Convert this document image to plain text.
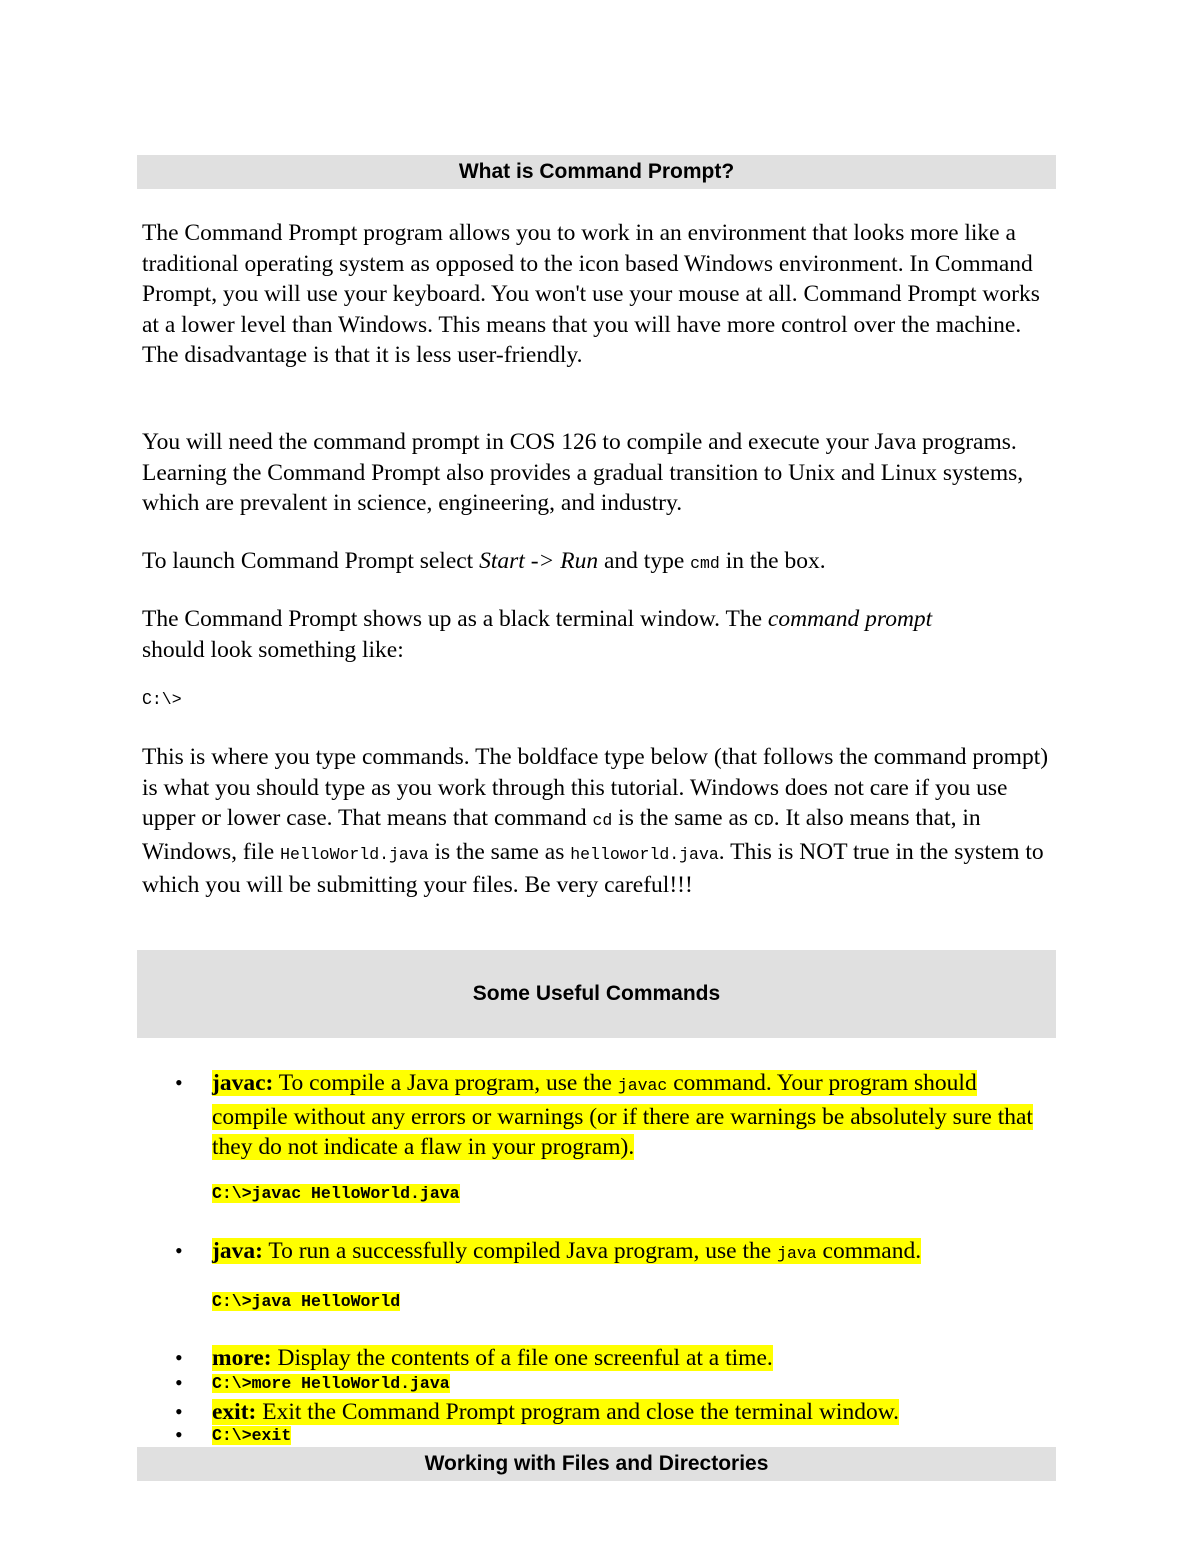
What is Command Prompt?

The Command Prompt program allows you to work in an environment that looks more like a traditional operating system as opposed to the icon based Windows environment. In Command Prompt, you will use your keyboard. You won't use your mouse at all. Command Prompt works at a lower level than Windows. This means that you will have more control over the machine. The disadvantage is that it is less user-friendly.

You will need the command prompt in COS 126 to compile and execute your Java programs. Learning the Command Prompt also provides a gradual transition to Unix and Linux systems, which are prevalent in science, engineering, and industry.

To launch Command Prompt select Start -> Run and type cmd in the box.

The Command Prompt shows up as a black terminal window. The command prompt should look something like:

C:\>

This is where you type commands. The boldface type below (that follows the command prompt) is what you should type as you work through this tutorial. Windows does not care if you use upper or lower case. That means that command cd is the same as CD. It also means that, in Windows, file HelloWorld.java is the same as helloworld.java. This is NOT true in the system to which you will be submitting your files. Be very careful!!!

Some Useful Commands
• javac: To compile a Java program, use the javac command. Your program should compile without any errors or warnings (or if there are warnings be absolutely sure that they do not indicate a flaw in your program).
C:\>javac HelloWorld.java
• java: To run a successfully compiled Java program, use the java command.
C:\>java HelloWorld
• more: Display the contents of a file one screenful at a time.
• C:\>more HelloWorld.java
• exit: Exit the Command Prompt program and close the terminal window.
• C:\>exit
Working with Files and Directories
